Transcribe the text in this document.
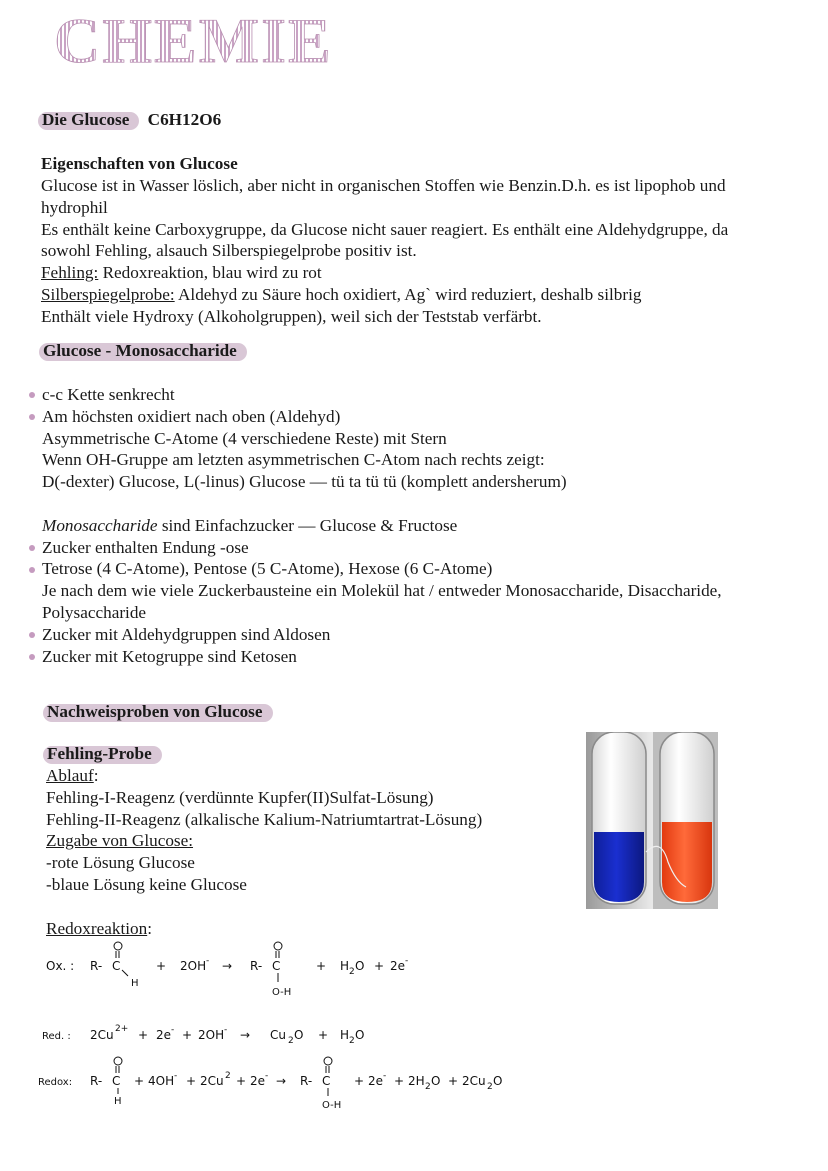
CHEMIE
Die Glucose C6H12O6
Eigenschaften von Glucose
Glucose ist in Wasser löslich, aber nicht in organischen Stoffen wie Benzin.D.h. es ist lipophob und
hydrophil
Es enthält keine Carboxygruppe, da Glucose nicht sauer reagiert. Es enthält eine Aldehydgruppe, da
sowohl Fehling, alsauch Silberspiegelprobe positiv ist.
Fehling: Redoxreaktion, blau wird zu rot
Silberspiegelprobe: Aldehyd zu Säure hoch oxidiert, Ag` wird reduziert, deshalb silbrig
Enthält viele Hydroxy (Alkoholgruppen), weil sich der Teststab verfärbt.
Glucose - Monosaccharide
c-c Kette senkrecht
Am höchsten oxidiert nach oben (Aldehyd)
Asymmetrische C-Atome (4 verschiedene Reste) mit Stern
Wenn OH-Gruppe am letzten asymmetrischen C-Atom nach rechts zeigt:
D(-dexter) Glucose, L(-linus) Glucose — tü ta tü tü (komplett andersherum)
Monosaccharide sind Einfachzucker — Glucose & Fructose
Zucker enthalten Endung -ose
Tetrose (4 C-Atome), Pentose (5 C-Atome), Hexose (6 C-Atome)
Je nach dem wie viele Zuckerbausteine ein Molekül hat / entweder Monosaccharide, Disaccharide,
Polysaccharide
Zucker mit Aldehydgruppen sind Aldosen
Zucker mit Ketogruppe sind Ketosen
Nachweisproben von Glucose
Fehling-Probe
Ablauf:
Fehling-I-Reagenz (verdünnte Kupfer(II)Sulfat-Lösung)
Fehling-II-Reagenz (alkalische Kalium-Natriumtartrat-Lösung)
Zugabe von Glucose:
-rote Lösung Glucose
-blaue Lösung keine Glucose
Redoxreaktion:
Ox. : R- C
H
+ 2OH - → R- C
O-H
+ H 2 O + 2e -
Red. : 2Cu 2+ + 2e - + 2OH - → Cu 2 O + H 2 O
Redox: R- C
H
+ 4OH - + 2Cu 2 + 2e - → R- C
O-H
+ 2e - + 2H 2 O + 2Cu 2 O
